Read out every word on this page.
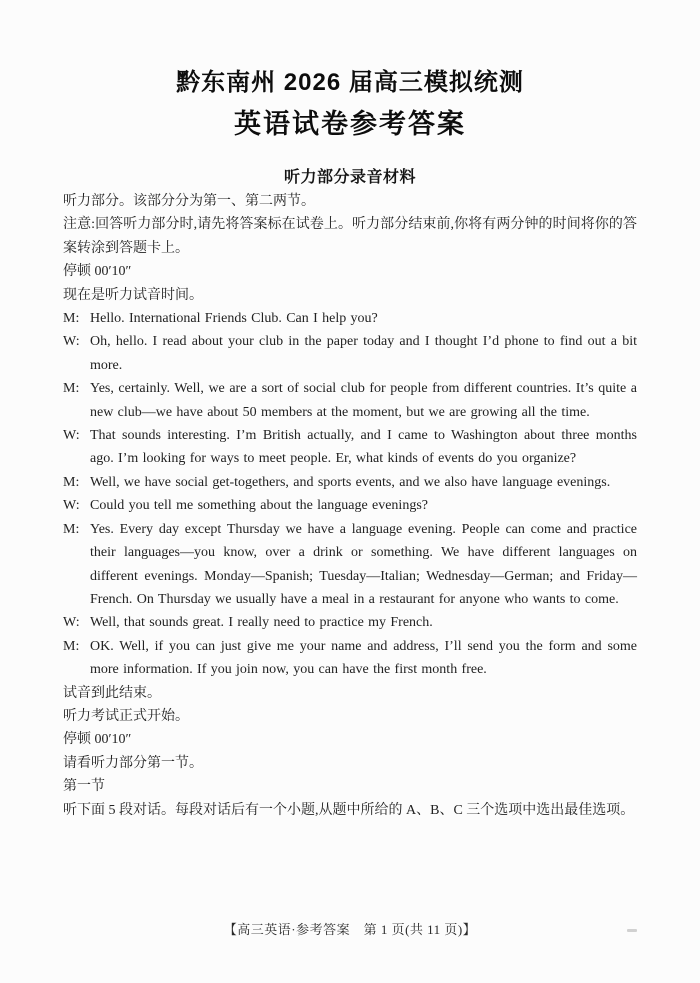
黔东南州 2026 届高三模拟统测
英语试卷参考答案
听力部分录音材料

听力部分。该部分分为第一、第二两节。

注意:回答听力部分时,请先将答案标在试卷上。听力部分结束前,你将有两分钟的时间将你的答案转涂到答题卡上。

停顿 00′10″

现在是听力试音时间。

M: Hello. International Friends Club. Can I help you?

W: Oh, hello. I read about your club in the paper today and I thought I’d phone to find out a bit more.

M: Yes, certainly. Well, we are a sort of social club for people from different countries. It’s quite a new club—we have about 50 members at the moment, but we are growing all the time.

W: That sounds interesting. I’m British actually, and I came to Washington about three months ago. I’m looking for ways to meet people. Er, what kinds of events do you organize?

M: Well, we have social get-togethers, and sports events, and we also have language evenings.

W: Could you tell me something about the language evenings?

M: Yes. Every day except Thursday we have a language evening. People can come and practice their languages—you know, over a drink or something. We have different languages on different evenings. Monday—Spanish; Tuesday—Italian; Wednesday—German; and Friday—French. On Thursday we usually have a meal in a restaurant for anyone who wants to come.

W: Well, that sounds great. I really need to practice my French.

M: OK. Well, if you can just give me your name and address, I’ll send you the form and some more information. If you join now, you can have the first month free.

试音到此结束。

听力考试正式开始。

停顿 00′10″

请看听力部分第一节。

第一节

听下面 5 段对话。每段对话后有一个小题,从题中所给的 A、B、C 三个选项中选出最佳选项。

【高三英语·参考答案　第 1 页(共 11 页)】
